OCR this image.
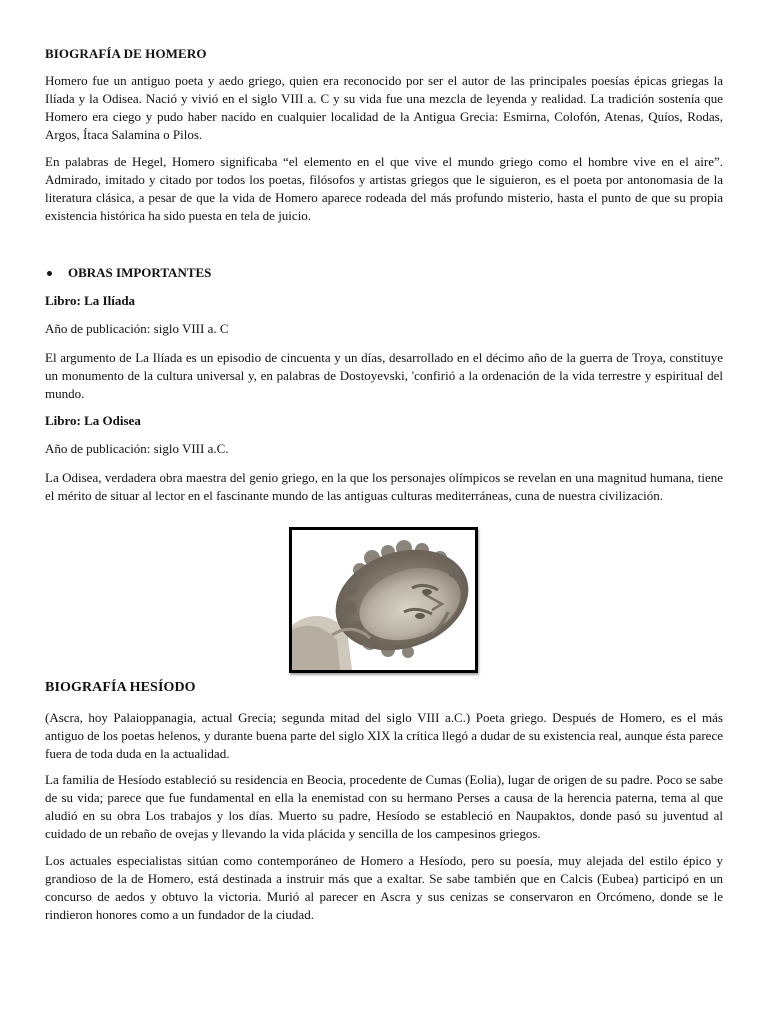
BIOGRAFÍA DE HOMERO

Homero fue un antiguo poeta y aedo griego, quien era reconocido por ser el autor de las principales poesías épicas griegas la Ilíada y la Odisea. Nació y vivió en el siglo VIII a. C y su vida fue una mezcla de leyenda y realidad. La tradición sostenía que Homero era ciego y pudo haber nacido en cualquier localidad de la Antigua Grecia: Esmirna, Colofón, Atenas, Quíos, Rodas, Argos, Ítaca Salamina o Pilos.

En palabras de Hegel, Homero significaba “el elemento en el que vive el mundo griego como el hombre vive en el aire”. Admirado, imitado y citado por todos los poetas, filósofos y artistas griegos que le siguieron, es el poeta por antonomasia de la literatura clásica, a pesar de que la vida de Homero aparece rodeada del más profundo misterio, hasta el punto de que su propia existencia histórica ha sido puesta en tela de juicio.

OBRAS IMPORTANTES

Libro: La Ilíada

Año de publicación: siglo VIII a. C

El argumento de La Ilíada es un episodio de cincuenta y un días, desarrollado en el décimo año de la guerra de Troya, constituye un monumento de la cultura universal y, en palabras de Dostoyevski, 'confirió a la ordenación de la vida terrestre y espiritual del mundo.

Libro: La Odisea

Año de publicación: siglo VIII a.C.

La Odisea, verdadera obra maestra del genio griego, en la que los personajes olímpicos se revelan en una magnitud humana, tiene el mérito de situar al lector en el fascinante mundo de las antiguas culturas mediterráneas, cuna de nuestra civilización.

BIOGRAFÍA HESÍODO

(Ascra, hoy Palaioppanagia, actual Grecia; segunda mitad del siglo VIII a.C.) Poeta griego. Después de Homero, es el más antiguo de los poetas helenos, y durante buena parte del siglo XIX la crítica llegó a dudar de su existencia real, aunque ésta parece fuera de toda duda en la actualidad.

La familia de Hesíodo estableció su residencia en Beocia, procedente de Cumas (Eolia), lugar de origen de su padre. Poco se sabe de su vida; parece que fue fundamental en ella la enemistad con su hermano Perses a causa de la herencia paterna, tema al que aludió en su obra Los trabajos y los días. Muerto su padre, Hesíodo se estableció en Naupaktos, donde pasó su juventud al cuidado de un rebaño de ovejas y llevando la vida plácida y sencilla de los campesinos griegos.

Los actuales especialistas sitúan como contemporáneo de Homero a Hesíodo, pero su poesía, muy alejada del estilo épico y grandioso de la de Homero, está destinada a instruir más que a exaltar. Se sabe también que en Calcis (Eubea) participó en un concurso de aedos y obtuvo la victoria. Murió al parecer en Ascra y sus cenizas se conservaron en Orcómeno, donde se le rindieron honores como a un fundador de la ciudad.
